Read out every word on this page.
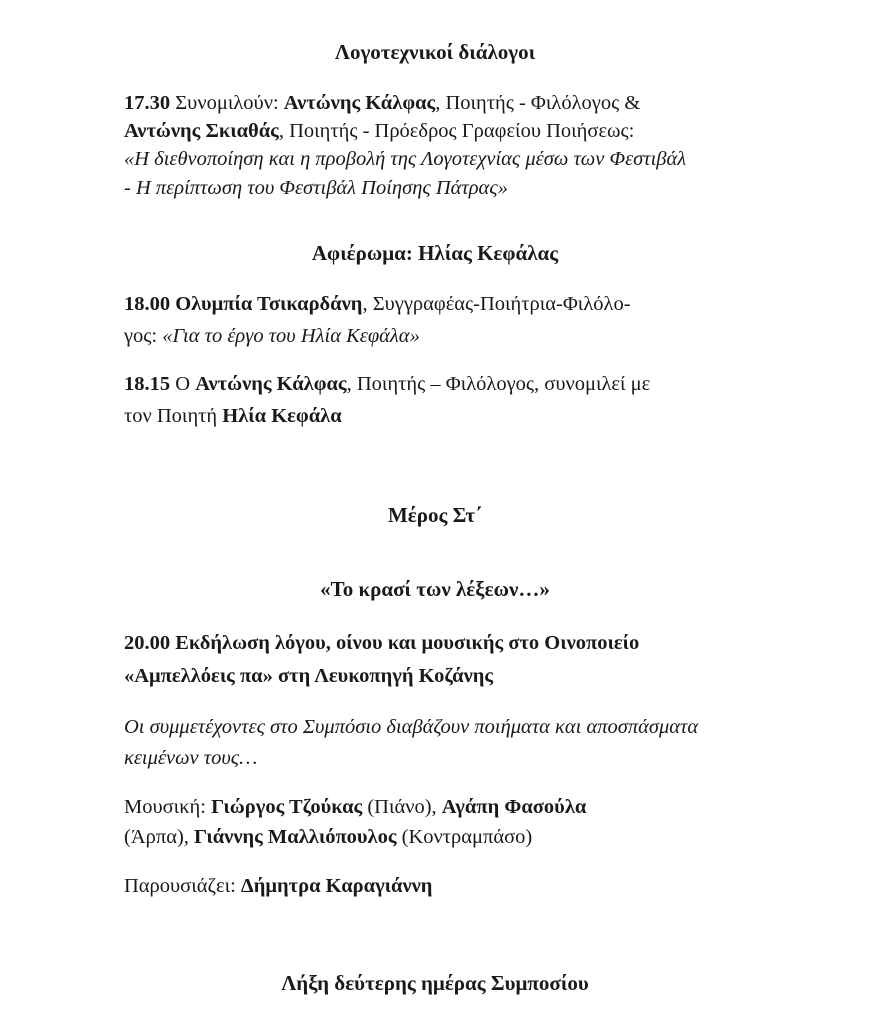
Λογοτεχνικοί διάλογοι
17.30 Συνομιλούν: Αντώνης Κάλφας, Ποιητής - Φιλόλογος &
Αντώνης Σκιαθάς, Ποιητής - Πρόεδρος Γραφείου Ποιήσεως:
«Η διεθνοποίηση και η προβολή της Λογοτεχνίας μέσω των Φεστιβάλ
- Η περίπτωση του Φεστιβάλ Ποίησης Πάτρας»
Αφιέρωμα: Ηλίας Κεφάλας
18.00 Ολυμπία Τσικαρδάνη, Συγγραφέας-Ποιήτρια-Φιλόλο-
γος: «Για το έργο του Ηλία Κεφάλα»
18.15 Ο Αντώνης Κάλφας, Ποιητής – Φιλόλογος, συνομιλεί με
τον Ποιητή Ηλία Κεφάλα
Μέρος Στ΄
«Το κρασί των λέξεων…»
20.00 Εκδήλωση λόγου, οίνου και μουσικής στο Οινοποιείο
«Αμπελλόεις πα» στη Λευκοπηγή Κοζάνης
Οι συμμετέχοντες στο Συμπόσιο διαβάζουν ποιήματα και αποσπάσματα
κειμένων τους…
Μουσική: Γιώργος Τζούκας (Πιάνο), Αγάπη Φασούλα
(Άρπα), Γιάννης Μαλλιόπουλος (Κοντραμπάσο)
Παρουσιάζει: Δήμητρα Καραγιάννη
Λήξη δεύτερης ημέρας Συμποσίου
